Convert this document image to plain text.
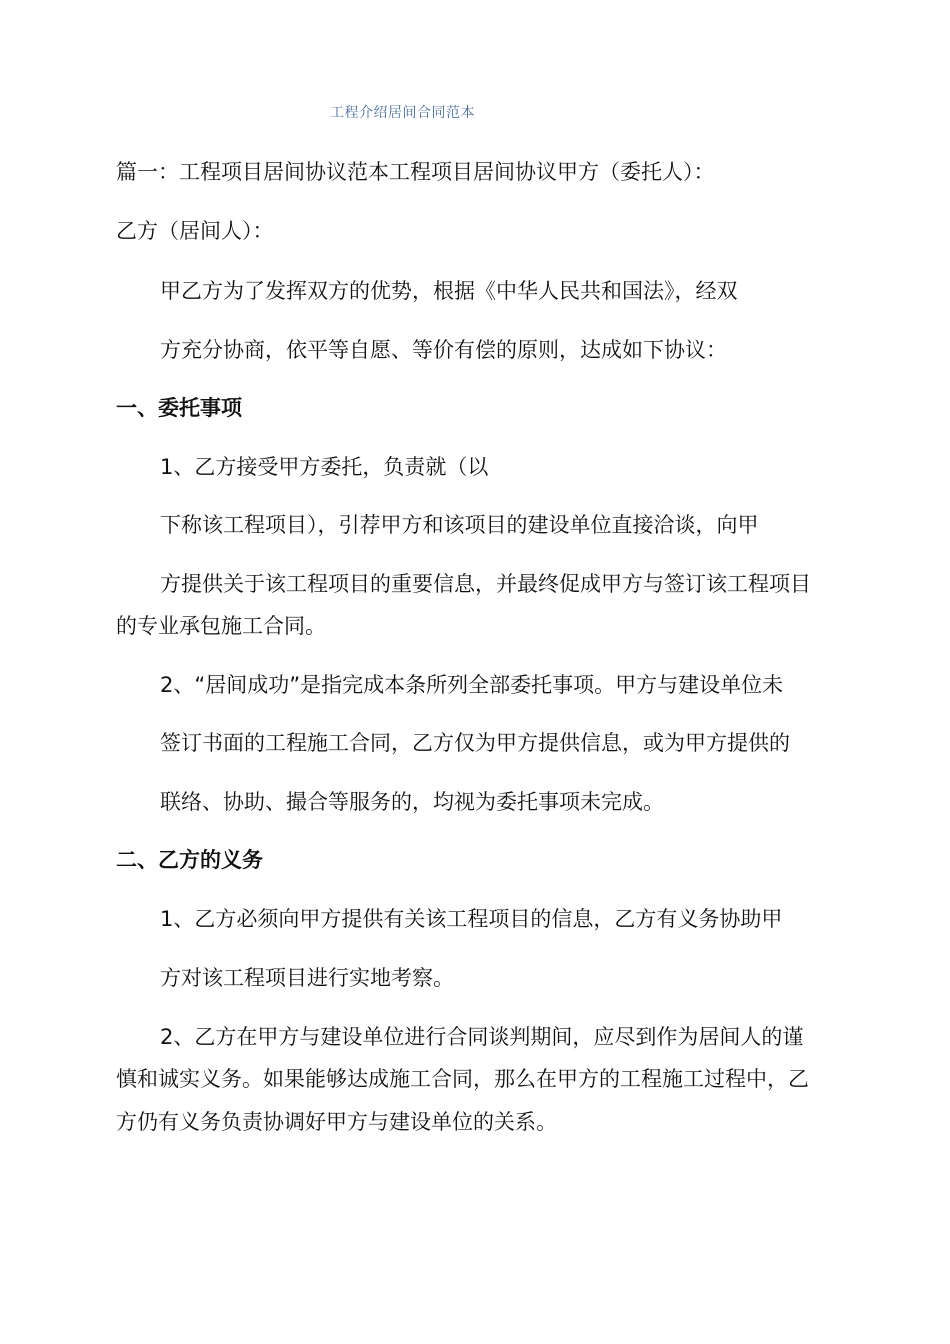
工程介绍居间合同范本
篇一：工程项目居间协议范本工程项目居间协议甲方（委托人）：
乙方（居间人）：
甲乙方为了发挥双方的优势，根据《中华人民共和国法》，经双
方充分协商，依平等自愿、等价有偿的原则，达成如下协议：
一、委托事项
1、乙方接受甲方委托，负责就（以
下称该工程项目），引荐甲方和该项目的建设单位直接洽谈，向甲
方提供关于该工程项目的重要信息，并最终促成甲方与签订该工程项目
的专业承包施工合同。
2、“居间成功”是指完成本条所列全部委托事项。甲方与建设单位未
签订书面的工程施工合同，乙方仅为甲方提供信息，或为甲方提供的
联络、协助、撮合等服务的，均视为委托事项未完成。
二、乙方的义务
1、乙方必须向甲方提供有关该工程项目的信息，乙方有义务协助甲
方对该工程项目进行实地考察。
2、乙方在甲方与建设单位进行合同谈判期间，应尽到作为居间人的谨
慎和诚实义务。如果能够达成施工合同，那么在甲方的工程施工过程中，乙
方仍有义务负责协调好甲方与建设单位的关系。
